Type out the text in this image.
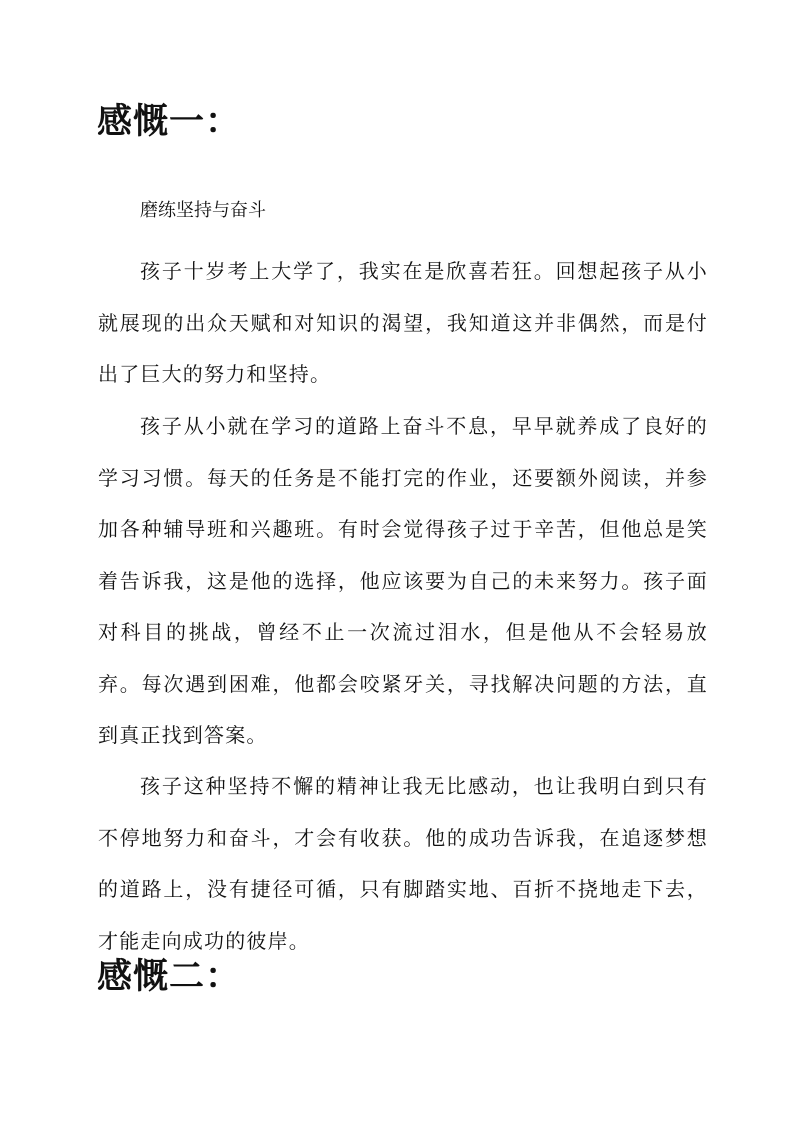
感慨一：

磨练坚持与奋斗

孩子十岁考上大学了，我实在是欣喜若狂。回想起孩子从小就展现的出众天赋和对知识的渴望，我知道这并非偶然，而是付出了巨大的努力和坚持。

孩子从小就在学习的道路上奋斗不息，早早就养成了良好的学习习惯。每天的任务是不能打完的作业，还要额外阅读，并参加各种辅导班和兴趣班。有时会觉得孩子过于辛苦，但他总是笑着告诉我，这是他的选择，他应该要为自己的未来努力。孩子面对科目的挑战，曾经不止一次流过泪水，但是他从不会轻易放弃。每次遇到困难，他都会咬紧牙关，寻找解决问题的方法，直到真正找到答案。

孩子这种坚持不懈的精神让我无比感动，也让我明白到只有不停地努力和奋斗，才会有收获。他的成功告诉我，在追逐梦想的道路上，没有捷径可循，只有脚踏实地、百折不挠地走下去，才能走向成功的彼岸。

感慨二：
